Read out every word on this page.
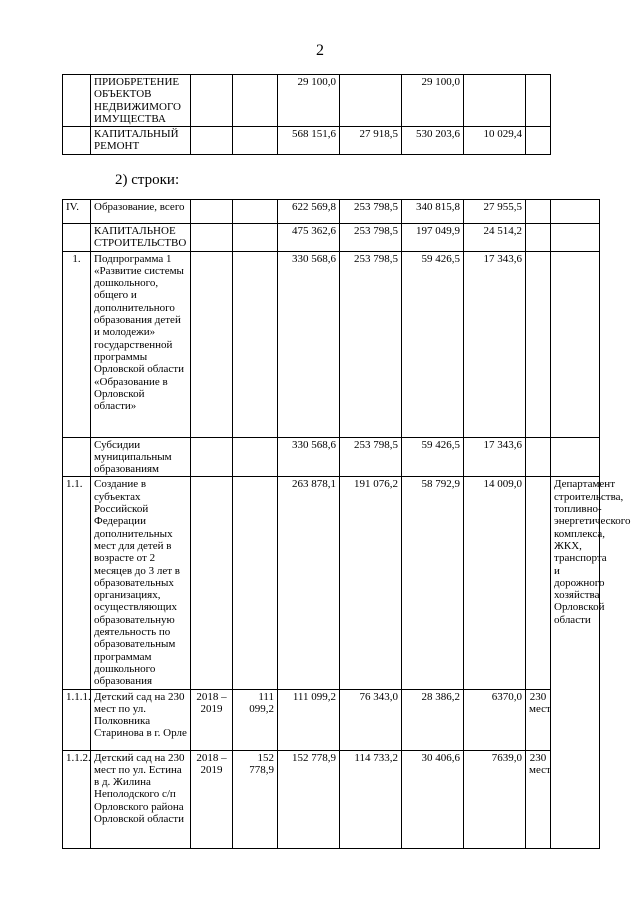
2
	ПРИОБРЕТЕНИЕ ОБЪЕКТОВ НЕДВИЖИМОГО ИМУЩЕСТВА			29 100,0		29 100,0		
	КАПИТАЛЬНЫЙ РЕМОНТ			568 151,6	27 918,5	530 203,6	10 029,4	
2) строки:
IV.	Образование, всего			622 569,8	253 798,5	340 815,8	27 955,5		
	КАПИТАЛЬНОЕ СТРОИТЕЛЬСТВО			475 362,6	253 798,5	197 049,9	24 514,2		
1.	Подпрограмма 1 «Развитие системы дошкольного, общего и дополнительного образования детей и молодежи» государственной программы Орловской области «Образование в Орловской области»			330 568,6	253 798,5	59 426,5	17 343,6		
	Субсидии муниципальным образованиям			330 568,6	253 798,5	59 426,5	17 343,6		
1.1.	Создание в субъектах Российской Федерации дополнительных мест для детей в возрасте от 2 месяцев до 3 лет в образовательных организациях, осуществляющих образовательную деятельность по образовательным программам дошкольного образования			263 878,1	191 076,2	58 792,9	14 009,0		Департамент строительства, топливно-энергетического комплекса, ЖКХ, транспорта и дорожного хозяйства Орловской области
1.1.1.	Детский сад на 230 мест по ул. Полковника Старинова в г. Орле	2018 – 2019	111 099,2	111 099,2	76 343,0	28 386,2	6370,0	230 мест	
1.1.2.	Детский сад на 230 мест по ул. Естина в д. Жилина Неполодского с/п Орловского района Орловской области	2018 – 2019	152 778,9	152 778,9	114 733,2	30 406,6	7639,0	230 мест	
